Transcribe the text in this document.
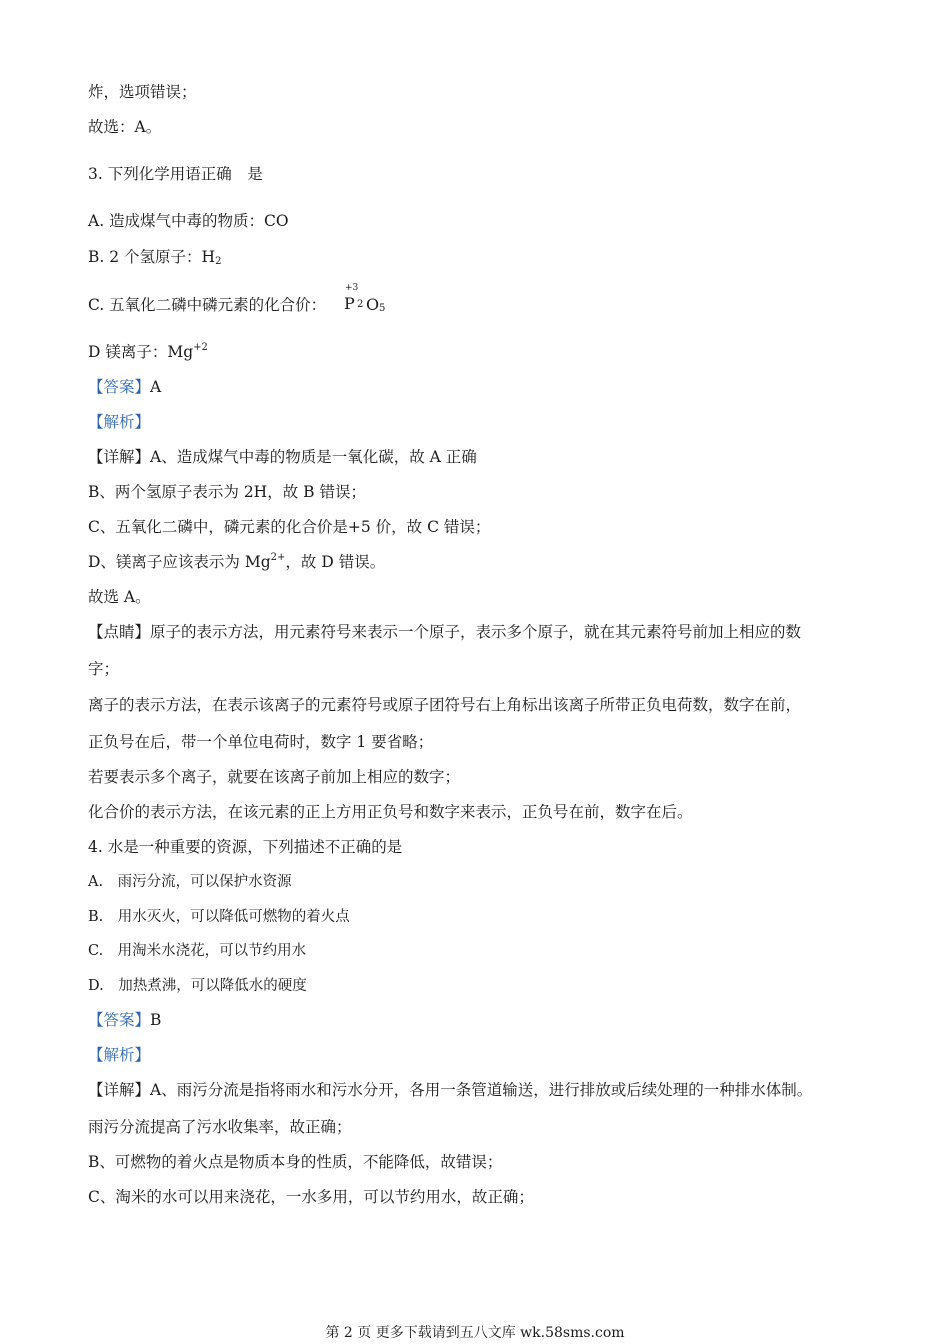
炸，选项错误；
故选：A。
3. 下列化学用语正确　是
A. 造成煤气中毒的物质：CO
B. 2 个氢原子：$H_2$
C. 五氧化二磷中磷元素的化合价：
+3
P 2 O 5
D 镁离子：$Mg^{+2}$
【答案】A
【解析】
【详解】A、造成煤气中毒的物质是一氧化碳，故 A 正确
B、两个氢原子表示为 2H，故 B 错误；
C、五氧化二磷中，磷元素的化合价是+5 价，故 C 错误；
D、镁离子应该表示为 $Mg^{2+}$，故 D 错误。
故选 A。
【点睛】原子的表示方法，用元素符号来表示一个原子，表示多个原子，就在其元素符号前加上相应的数
字；
离子的表示方法，在表示该离子的元素符号或原子团符号右上角标出该离子所带正负电荷数，数字在前，
正负号在后，带一个单位电荷时，数字 1 要省略；
若要表示多个离子，就要在该离子前加上相应的数字；
化合价的表示方法，在该元素的正上方用正负号和数字来表示，正负号在前，数字在后。
4. 水是一种重要的资源，下列描述不正确的是
A.　雨污分流，可以保护水资源
B.　用水灭火，可以降低可燃物的着火点
C.　用淘米水浇花，可以节约用水
D.　加热煮沸，可以降低水的硬度
【答案】B
【解析】
【详解】A、雨污分流是指将雨水和污水分开，各用一条管道输送，进行排放或后续处理的一种排水体制。
雨污分流提高了污水收集率，故正确；
B、可燃物的着火点是物质本身的性质，不能降低，故错误；
C、淘米的水可以用来浇花，一水多用，可以节约用水，故正确；
第 2 页 更多下载请到五八文库 wk.58sms.com
